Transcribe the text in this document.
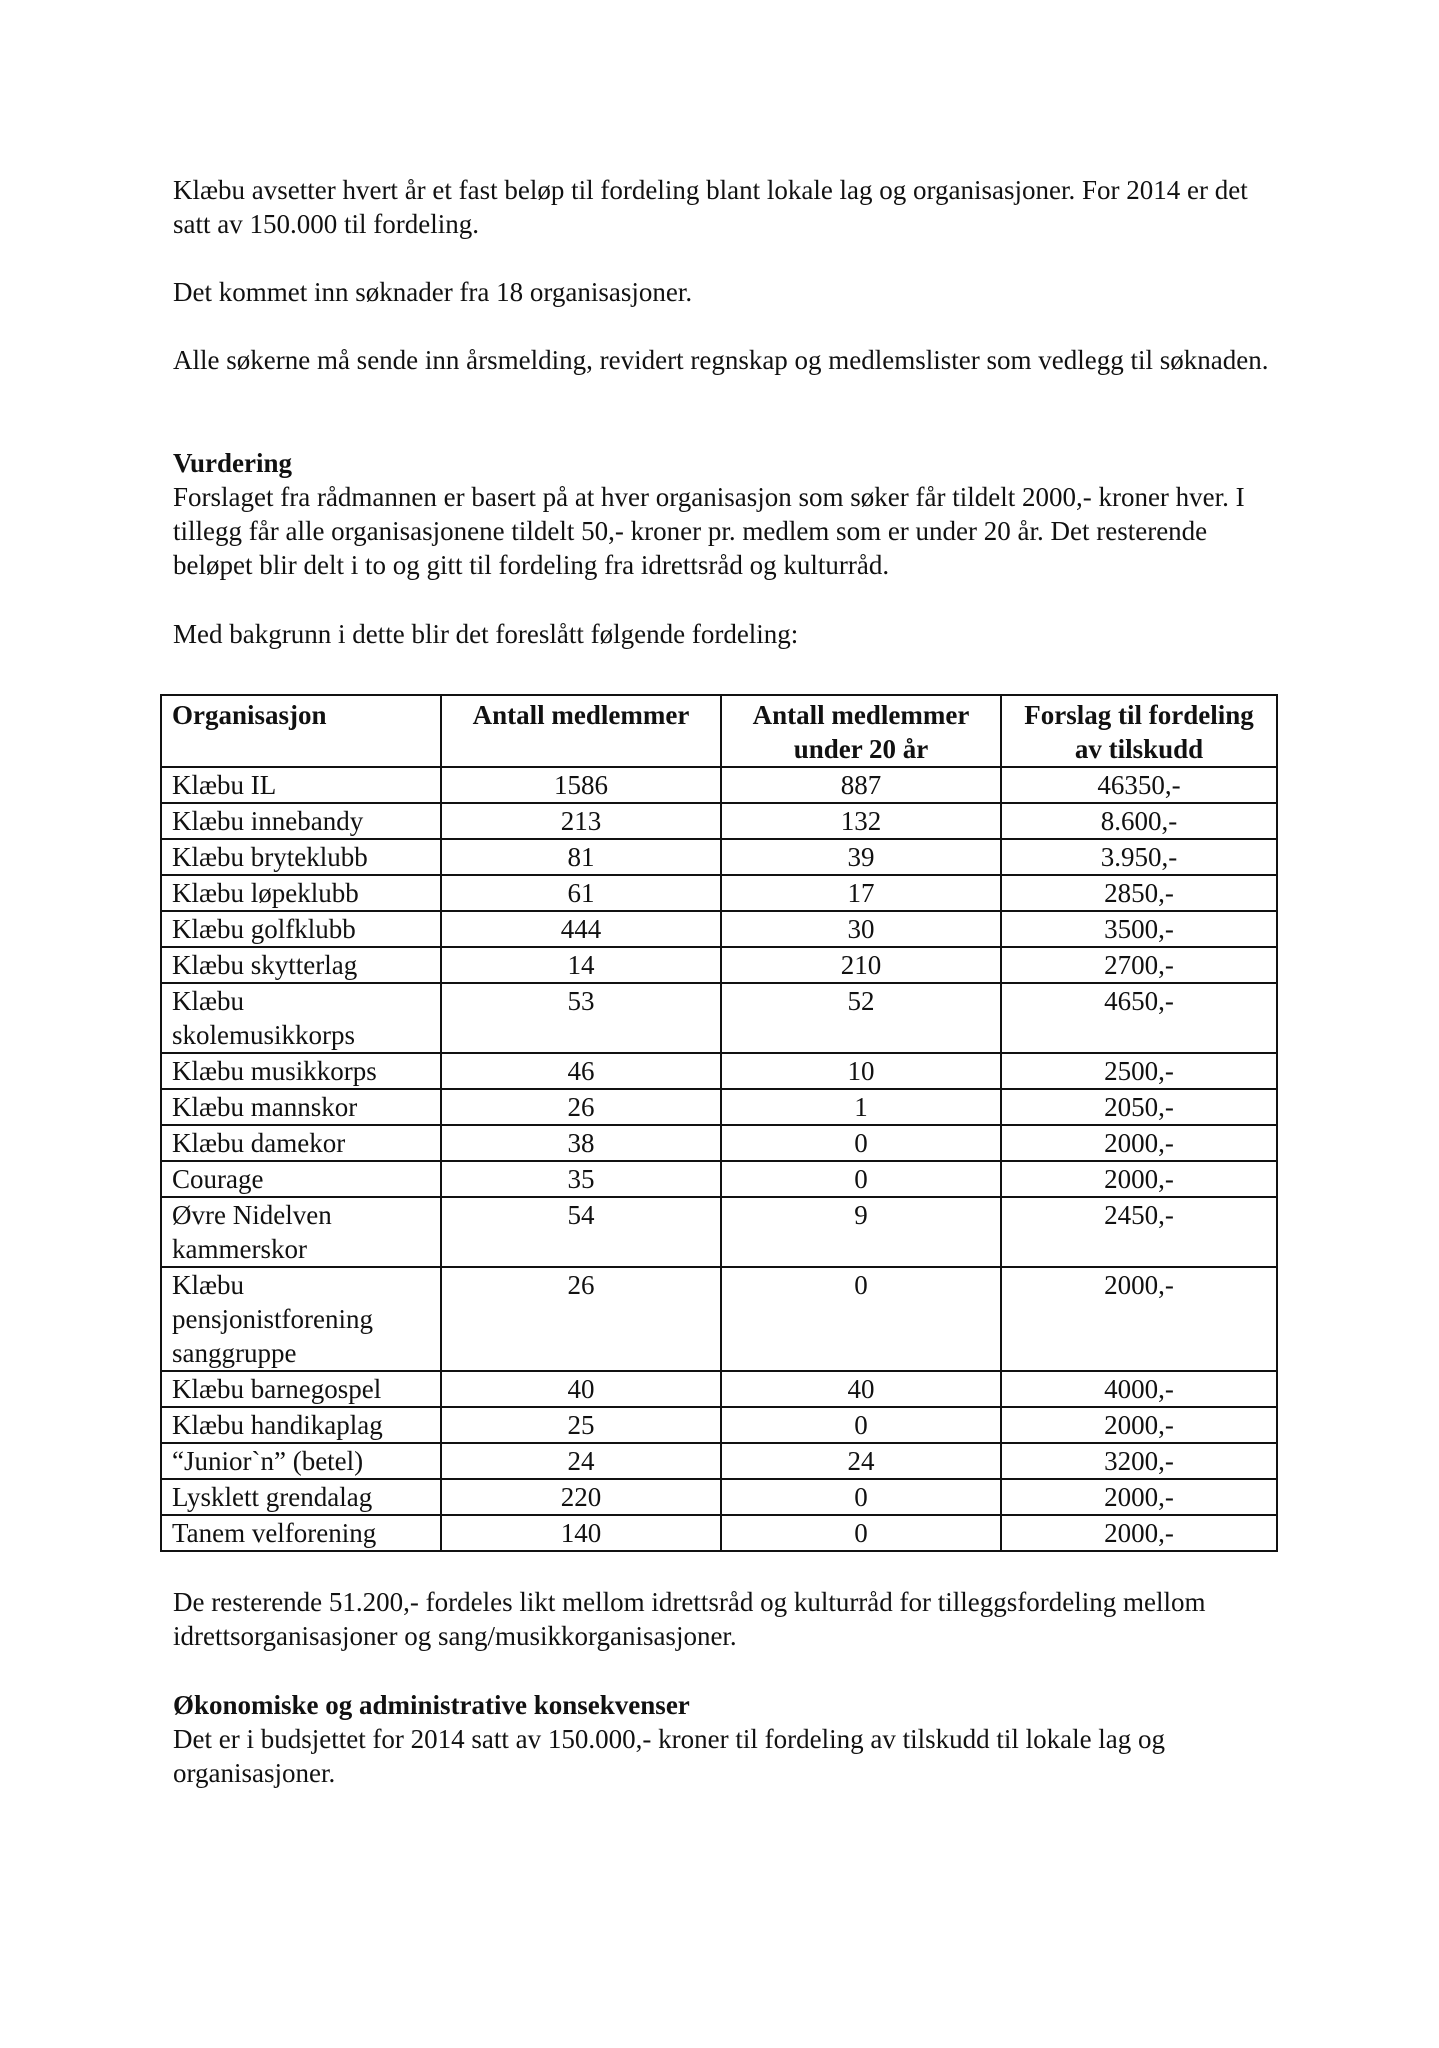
Klæbu avsetter hvert år et fast beløp til fordeling blant lokale lag og organisasjoner. For 2014 er det satt av 150.000 til fordeling.

Det kommet inn søknader fra 18 organisasjoner.

Alle søkerne må sende inn årsmelding, revidert regnskap og medlemslister som vedlegg til søknaden.

Vurdering
Forslaget fra rådmannen er basert på at hver organisasjon som søker får tildelt 2000,- kroner hver. I tillegg får alle organisasjonene tildelt 50,- kroner pr. medlem som er under 20 år. Det resterende beløpet blir delt i to og gitt til fordeling fra idrettsråd og kulturråd.

Med bakgrunn i dette blir det foreslått følgende fordeling:

Organisasjon	Antall medlemmer	Antall medlemmer under 20 år	Forslag til fordeling av tilskudd
Klæbu IL	1586	887	46350,-
Klæbu innebandy	213	132	8.600,-
Klæbu bryteklubb	81	39	3.950,-
Klæbu løpeklubb	61	17	2850,-
Klæbu golfklubb	444	30	3500,-
Klæbu skytterlag	14	210	2700,-
Klæbu skolemusikkorps	53	52	4650,-
Klæbu musikkorps	46	10	2500,-
Klæbu mannskor	26	1	2050,-
Klæbu damekor	38	0	2000,-
Courage	35	0	2000,-
Øvre Nidelven kammerskor	54	9	2450,-
Klæbu pensjonistforening sanggruppe	26	0	2000,-
Klæbu barnegospel	40	40	4000,-
Klæbu handikaplag	25	0	2000,-
“Junior`n” (betel)	24	24	3200,-
Lysklett grendalag	220	0	2000,-
Tanem velforening	140	0	2000,-

De resterende 51.200,- fordeles likt mellom idrettsråd og kulturråd for tilleggsfordeling mellom idrettsorganisasjoner og sang/musikkorganisasjoner.

Økonomiske og administrative konsekvenser
Det er i budsjettet for 2014 satt av 150.000,- kroner til fordeling av tilskudd til lokale lag og organisasjoner.
